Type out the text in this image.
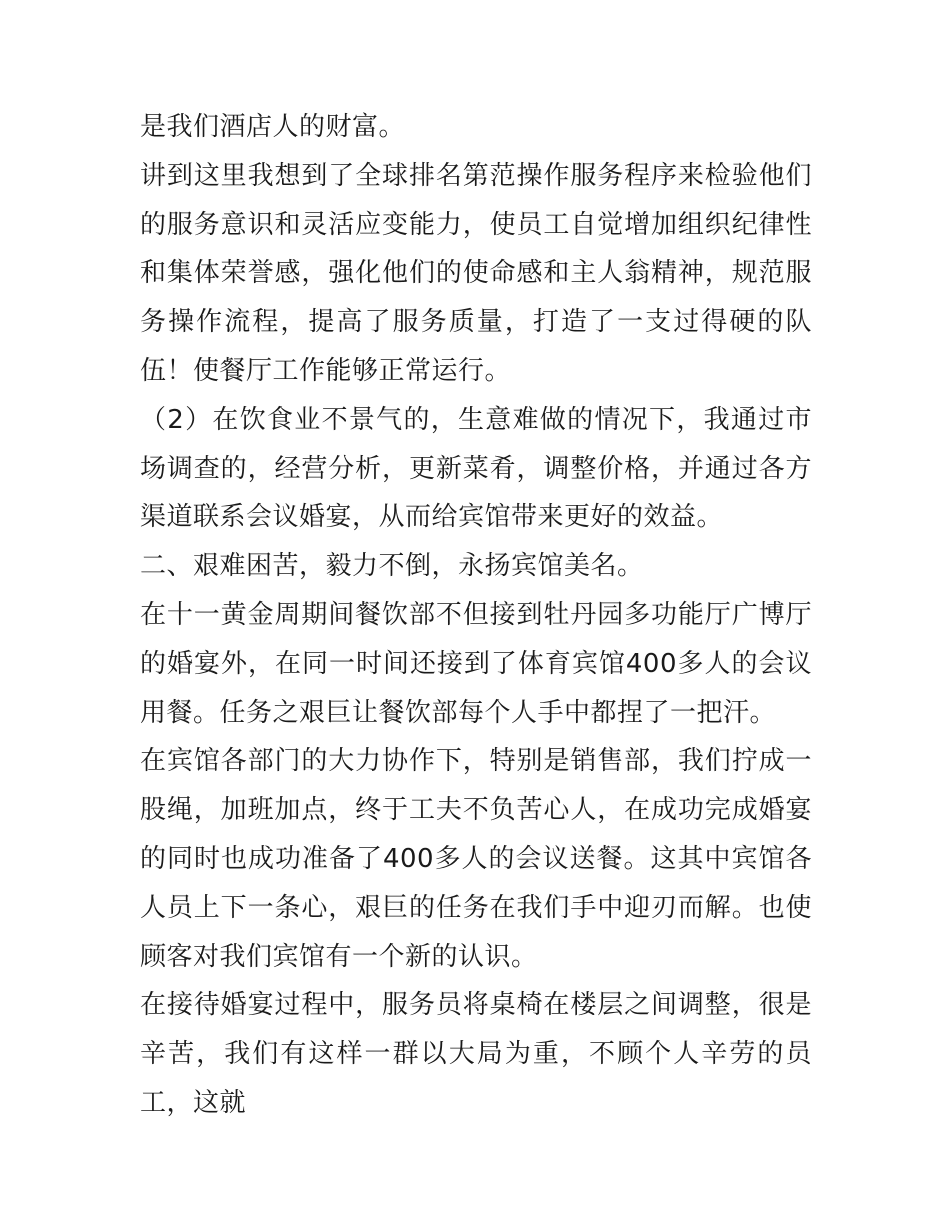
是我们酒店人的财富。

讲到这里我想到了全球排名第范操作服务程序来检验他们的服务意识和灵活应变能力，使员工自觉增加组织纪律性和集体荣誉感，强化他们的使命感和主人翁精神，规范服务操作流程，提高了服务质量，打造了一支过得硬的队伍！使餐厅工作能够正常运行。

（2）在饮食业不景气的，生意难做的情况下，我通过市场调查的，经营分析，更新菜肴，调整价格，并通过各方渠道联系会议婚宴，从而给宾馆带来更好的效益。

二、艰难困苦，毅力不倒，永扬宾馆美名。

在十一黄金周期间餐饮部不但接到牡丹园多功能厅广博厅的婚宴外，在同一时间还接到了体育宾馆400多人的会议用餐。任务之艰巨让餐饮部每个人手中都捏了一把汗。

在宾馆各部门的大力协作下，特别是销售部，我们拧成一股绳，加班加点，终于工夫不负苦心人，在成功完成婚宴的同时也成功准备了400多人的会议送餐。这其中宾馆各人员上下一条心，艰巨的任务在我们手中迎刃而解。也使顾客对我们宾馆有一个新的认识。

在接待婚宴过程中，服务员将桌椅在楼层之间调整，很是辛苦，我们有这样一群以大局为重，不顾个人辛劳的员工，这就
